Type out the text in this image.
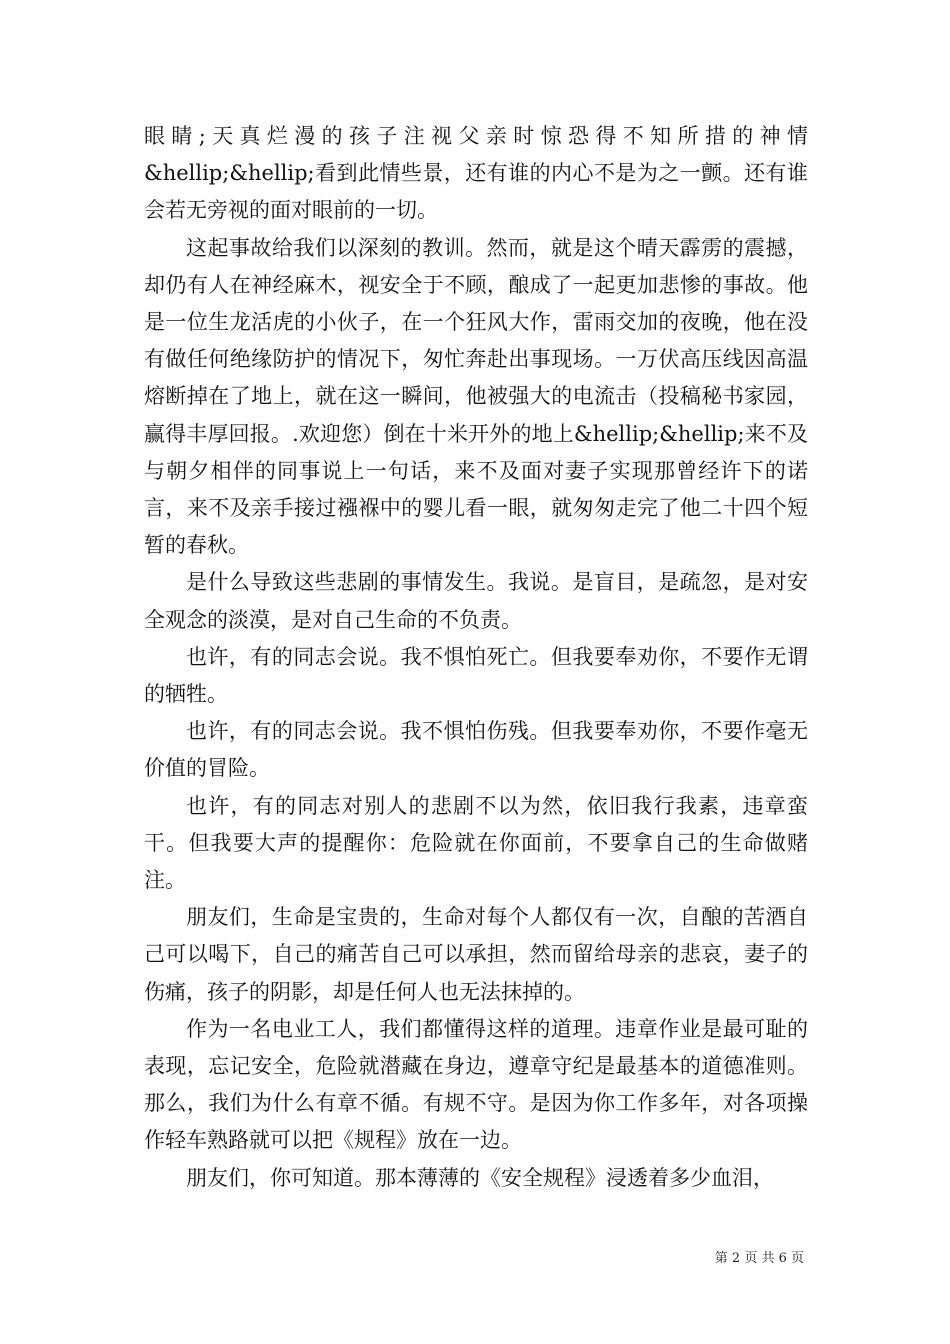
眼睛;天真烂漫的孩子注视父亲时惊恐得不知所措的神情&hellip;&hellip;看到此情些景，还有谁的内心不是为之一颤。还有谁会若无旁视的面对眼前的一切。

这起事故给我们以深刻的教训。然而，就是这个晴天霹雳的震撼，却仍有人在神经麻木，视安全于不顾，酿成了一起更加悲惨的事故。他是一位生龙活虎的小伙子，在一个狂风大作，雷雨交加的夜晚，他在没有做任何绝缘防护的情况下，匆忙奔赴出事现场。一万伏高压线因高温熔断掉在了地上，就在这一瞬间，他被强大的电流击（投稿秘书家园，赢得丰厚回报。.欢迎您）倒在十米开外的地上&hellip;&hellip;来不及与朝夕相伴的同事说上一句话，来不及面对妻子实现那曾经许下的诺言，来不及亲手接过襁褓中的婴儿看一眼，就匆匆走完了他二十四个短暂的春秋。

是什么导致这些悲剧的事情发生。我说。是盲目，是疏忽，是对安全观念的淡漠，是对自己生命的不负责。

也许，有的同志会说。我不惧怕死亡。但我要奉劝你，不要作无谓的牺牲。

也许，有的同志会说。我不惧怕伤残。但我要奉劝你，不要作毫无价值的冒险。

也许，有的同志对别人的悲剧不以为然，依旧我行我素，违章蛮干。但我要大声的提醒你：危险就在你面前，不要拿自己的生命做赌注。

朋友们，生命是宝贵的，生命对每个人都仅有一次，自酿的苦酒自己可以喝下，自己的痛苦自己可以承担，然而留给母亲的悲哀，妻子的伤痛，孩子的阴影，却是任何人也无法抹掉的。

作为一名电业工人，我们都懂得这样的道理。违章作业是最可耻的表现，忘记安全，危险就潜藏在身边，遵章守纪是最基本的道德准则。那么，我们为什么有章不循。有规不守。是因为你工作多年，对各项操作轻车熟路就可以把《规程》放在一边。

朋友们，你可知道。那本薄薄的《安全规程》浸透着多少血泪，

第 2 页 共 6 页
